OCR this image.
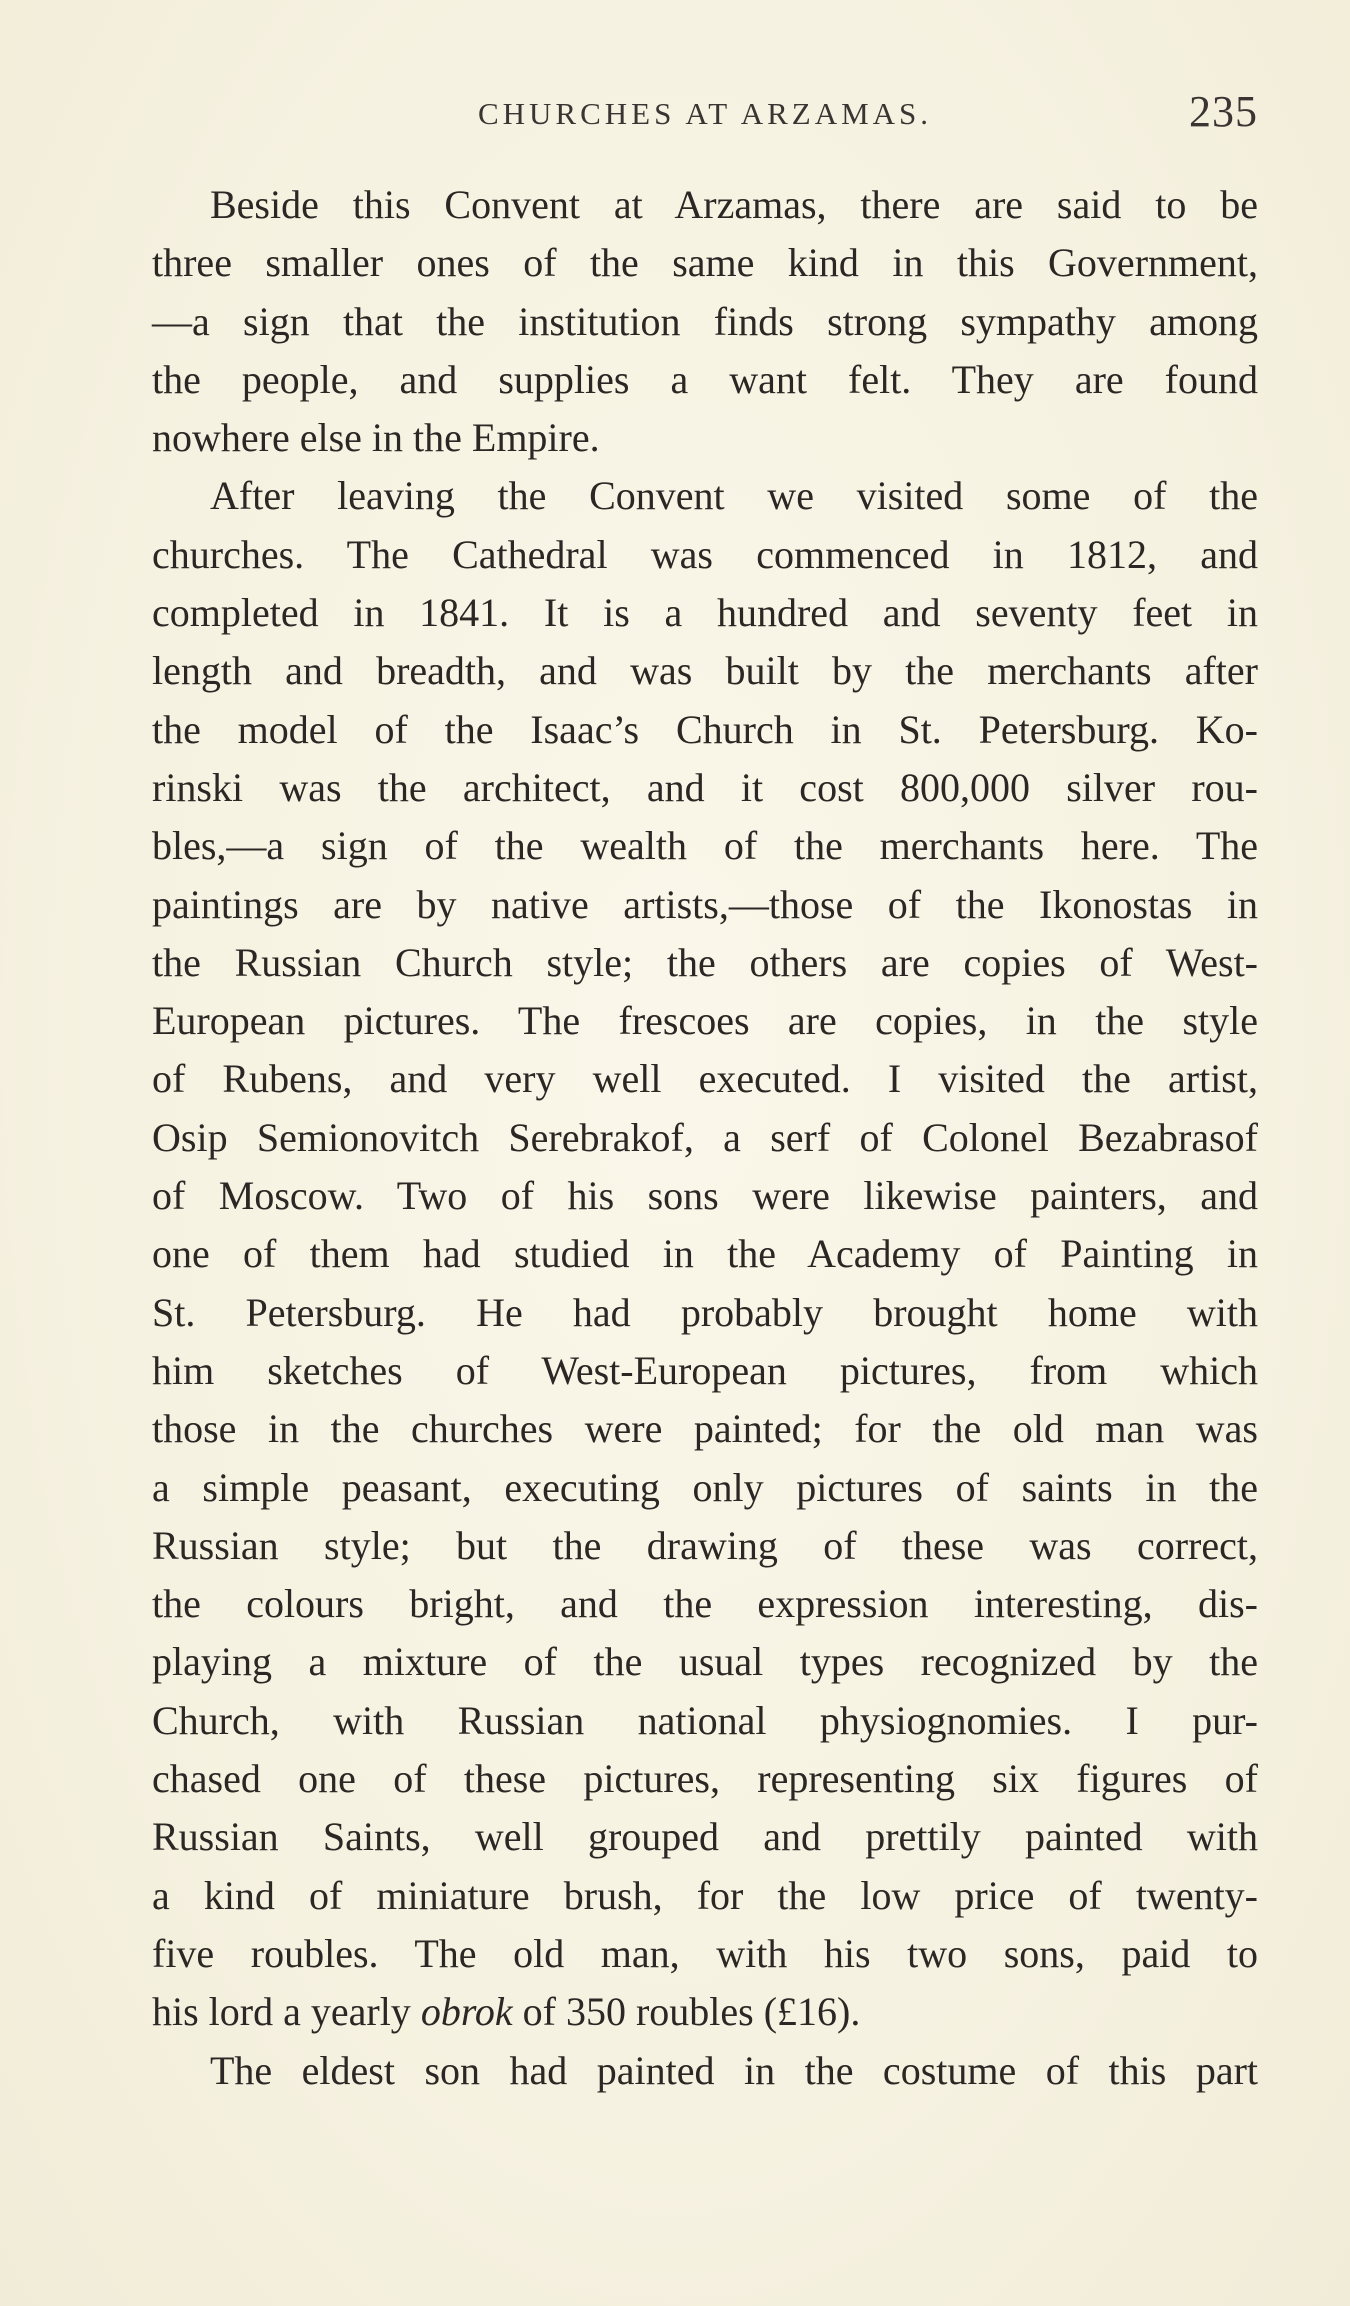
CHURCHES AT ARZAMAS.	235
Beside this Convent at Arzamas, there are said to be
three smaller ones of the same kind in this Government,
—a sign that the institution finds strong sympathy among
the people, and supplies a want felt. They are found
nowhere else in the Empire.
After leaving the Convent we visited some of the
churches. The Cathedral was commenced in 1812, and
completed in 1841. It is a hundred and seventy feet in
length and breadth, and was built by the merchants after
the model of the Isaac’s Church in St. Petersburg. Ko-
rinski was the architect, and it cost 800,000 silver rou-
bles,—a sign of the wealth of the merchants here. The
paintings are by native artists,—those of the Ikonostas in
the Russian Church style; the others are copies of West-
European pictures. The frescoes are copies, in the style
of Rubens, and very well executed. I visited the artist,
Osip Semionovitch Serebrakof, a serf of Colonel Bezabrasof
of Moscow. Two of his sons were likewise painters, and
one of them had studied in the Academy of Painting in
St. Petersburg. He had probably brought home with
him sketches of West-European pictures, from which
those in the churches were painted; for the old man was
a simple peasant, executing only pictures of saints in the
Russian style; but the drawing of these was correct,
the colours bright, and the expression interesting, dis-
playing a mixture of the usual types recognized by the
Church, with Russian national physiognomies. I pur-
chased one of these pictures, representing six figures of
Russian Saints, well grouped and prettily painted with
a kind of miniature brush, for the low price of twenty-
five roubles. The old man, with his two sons, paid to
his lord a yearly obrok of 350 roubles (£16).
The eldest son had painted in the costume of this part
